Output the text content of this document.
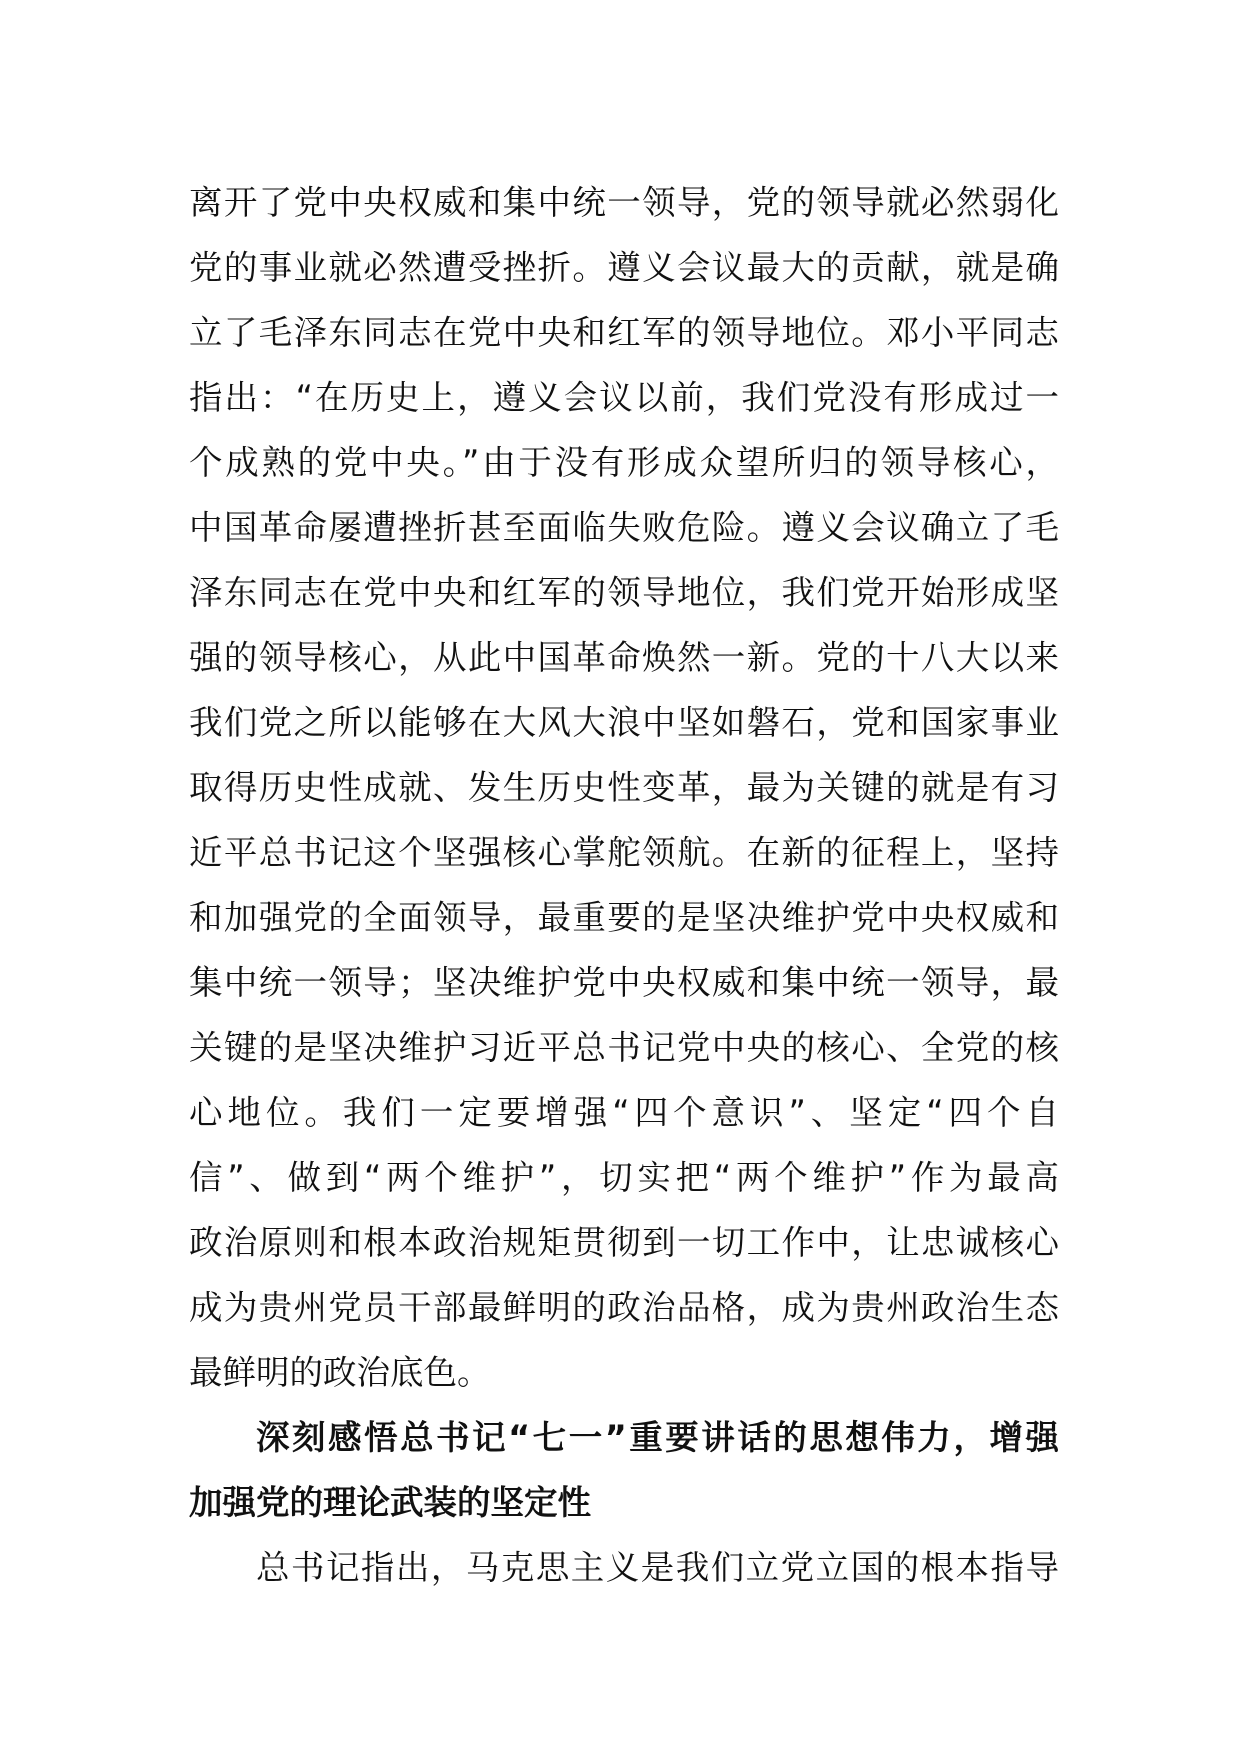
离开了党中央权威和集中统一领导，党的领导就必然弱化
党的事业就必然遭受挫折。遵义会议最大的贡献，就是确
立了毛泽东同志在党中央和红军的领导地位。邓小平同志
指出：“在历史上，遵义会议以前，我们党没有形成过一
个成熟的党中央。”由于没有形成众望所归的领导核心，
中国革命屡遭挫折甚至面临失败危险。遵义会议确立了毛
泽东同志在党中央和红军的领导地位，我们党开始形成坚
强的领导核心，从此中国革命焕然一新。党的十八大以来
我们党之所以能够在大风大浪中坚如磐石，党和国家事业
取得历史性成就、发生历史性变革，最为关键的就是有习
近平总书记这个坚强核心掌舵领航。在新的征程上，坚持
和加强党的全面领导，最重要的是坚决维护党中央权威和
集中统一领导；坚决维护党中央权威和集中统一领导，最
关键的是坚决维护习近平总书记党中央的核心、全党的核
心地位。我们一定要增强“四个意识”、坚定“四个自
信”、做到“两个维护”，切实把“两个维护”作为最高
政治原则和根本政治规矩贯彻到一切工作中，让忠诚核心
成为贵州党员干部最鲜明的政治品格，成为贵州政治生态
最鲜明的政治底色。
深刻感悟总书记“七一”重要讲话的思想伟力，增强
加强党的理论武装的坚定性
总书记指出，马克思主义是我们立党立国的根本指导
